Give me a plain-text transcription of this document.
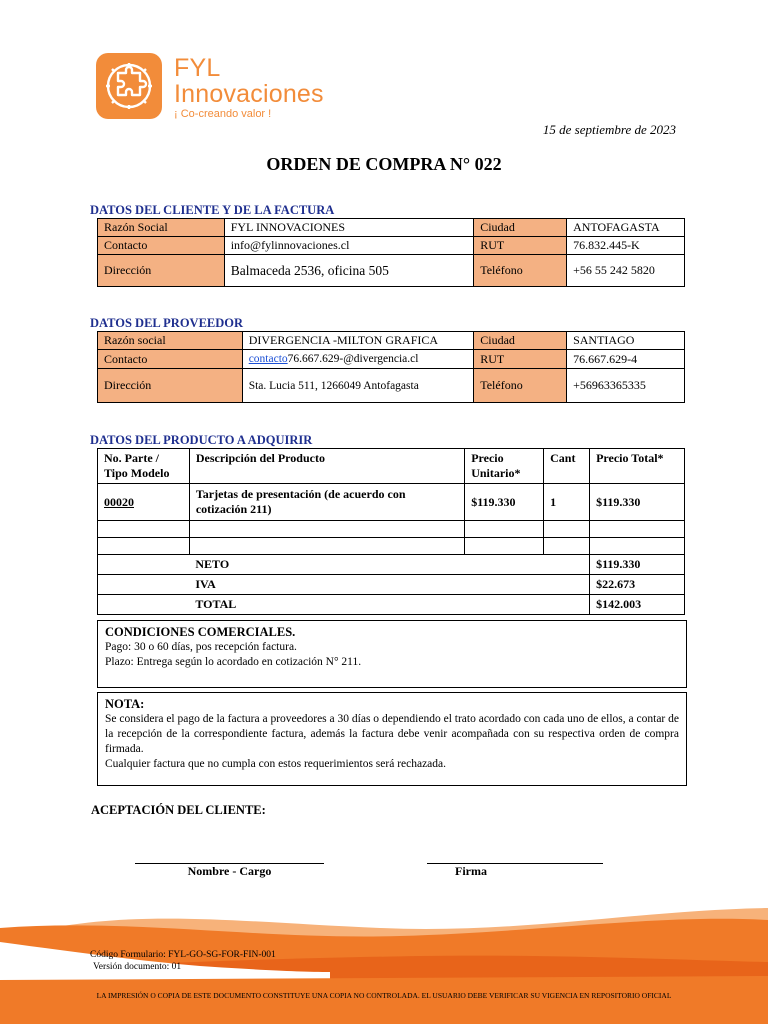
FYL
Innovaciones
¡ Co-creando valor !
15 de septiembre de 2023
ORDEN DE COMPRA N° 022
DATOS DEL CLIENTE Y DE LA FACTURA
Razón Social	FYL INNOVACIONES	Ciudad	ANTOFAGASTA
Contacto	info@fylinnovaciones.cl	RUT	76.832.445-K
Dirección	Balmaceda 2536, oficina 505	Teléfono	+56 55 242 5820
DATOS DEL PROVEEDOR
Razón social	DIVERGENCIA -MILTON GRAFICA	Ciudad	SANTIAGO
Contacto	contacto76.667.629-@divergencia.cl	RUT	76.667.629-4
Dirección	Sta. Lucia 511, 1266049 Antofagasta	Teléfono	+56963365335
DATOS DEL PRODUCTO A ADQUIRIR
No. Parte / Tipo Modelo	Descripción del Producto	Precio Unitario*	Cant	Precio Total*
00020	Tarjetas de presentación (de acuerdo con cotización 211)	$119.330	1	$119.330

	NETO			$119.330
	IVA			$22.673
	TOTAL			$142.003

CONDICIONES COMERCIALES.

Pago: 30 o 60 días, pos recepción factura.

Plazo: Entrega según lo acordado en cotización N° 211.

NOTA:

Se considera el pago de la factura a proveedores a 30 días o dependiendo el trato acordado con cada uno de ellos, a contar de la recepción de la correspondiente factura, además la factura debe venir acompañada con su respectiva orden de compra firmada.

Cualquier factura que no cumpla con estos requerimientos será rechazada.

ACEPTACIÓN DEL CLIENTE:
Nombre - Cargo	Firma
Código Formulario: FYL-GO-SG-FOR-FIN-001
Versión documento: 01
LA IMPRESIÓN O COPIA DE ESTE DOCUMENTO CONSTITUYE UNA COPIA NO CONTROLADA. EL USUARIO DEBE VERIFICAR SU VIGENCIA EN REPOSITORIO OFICIAL
